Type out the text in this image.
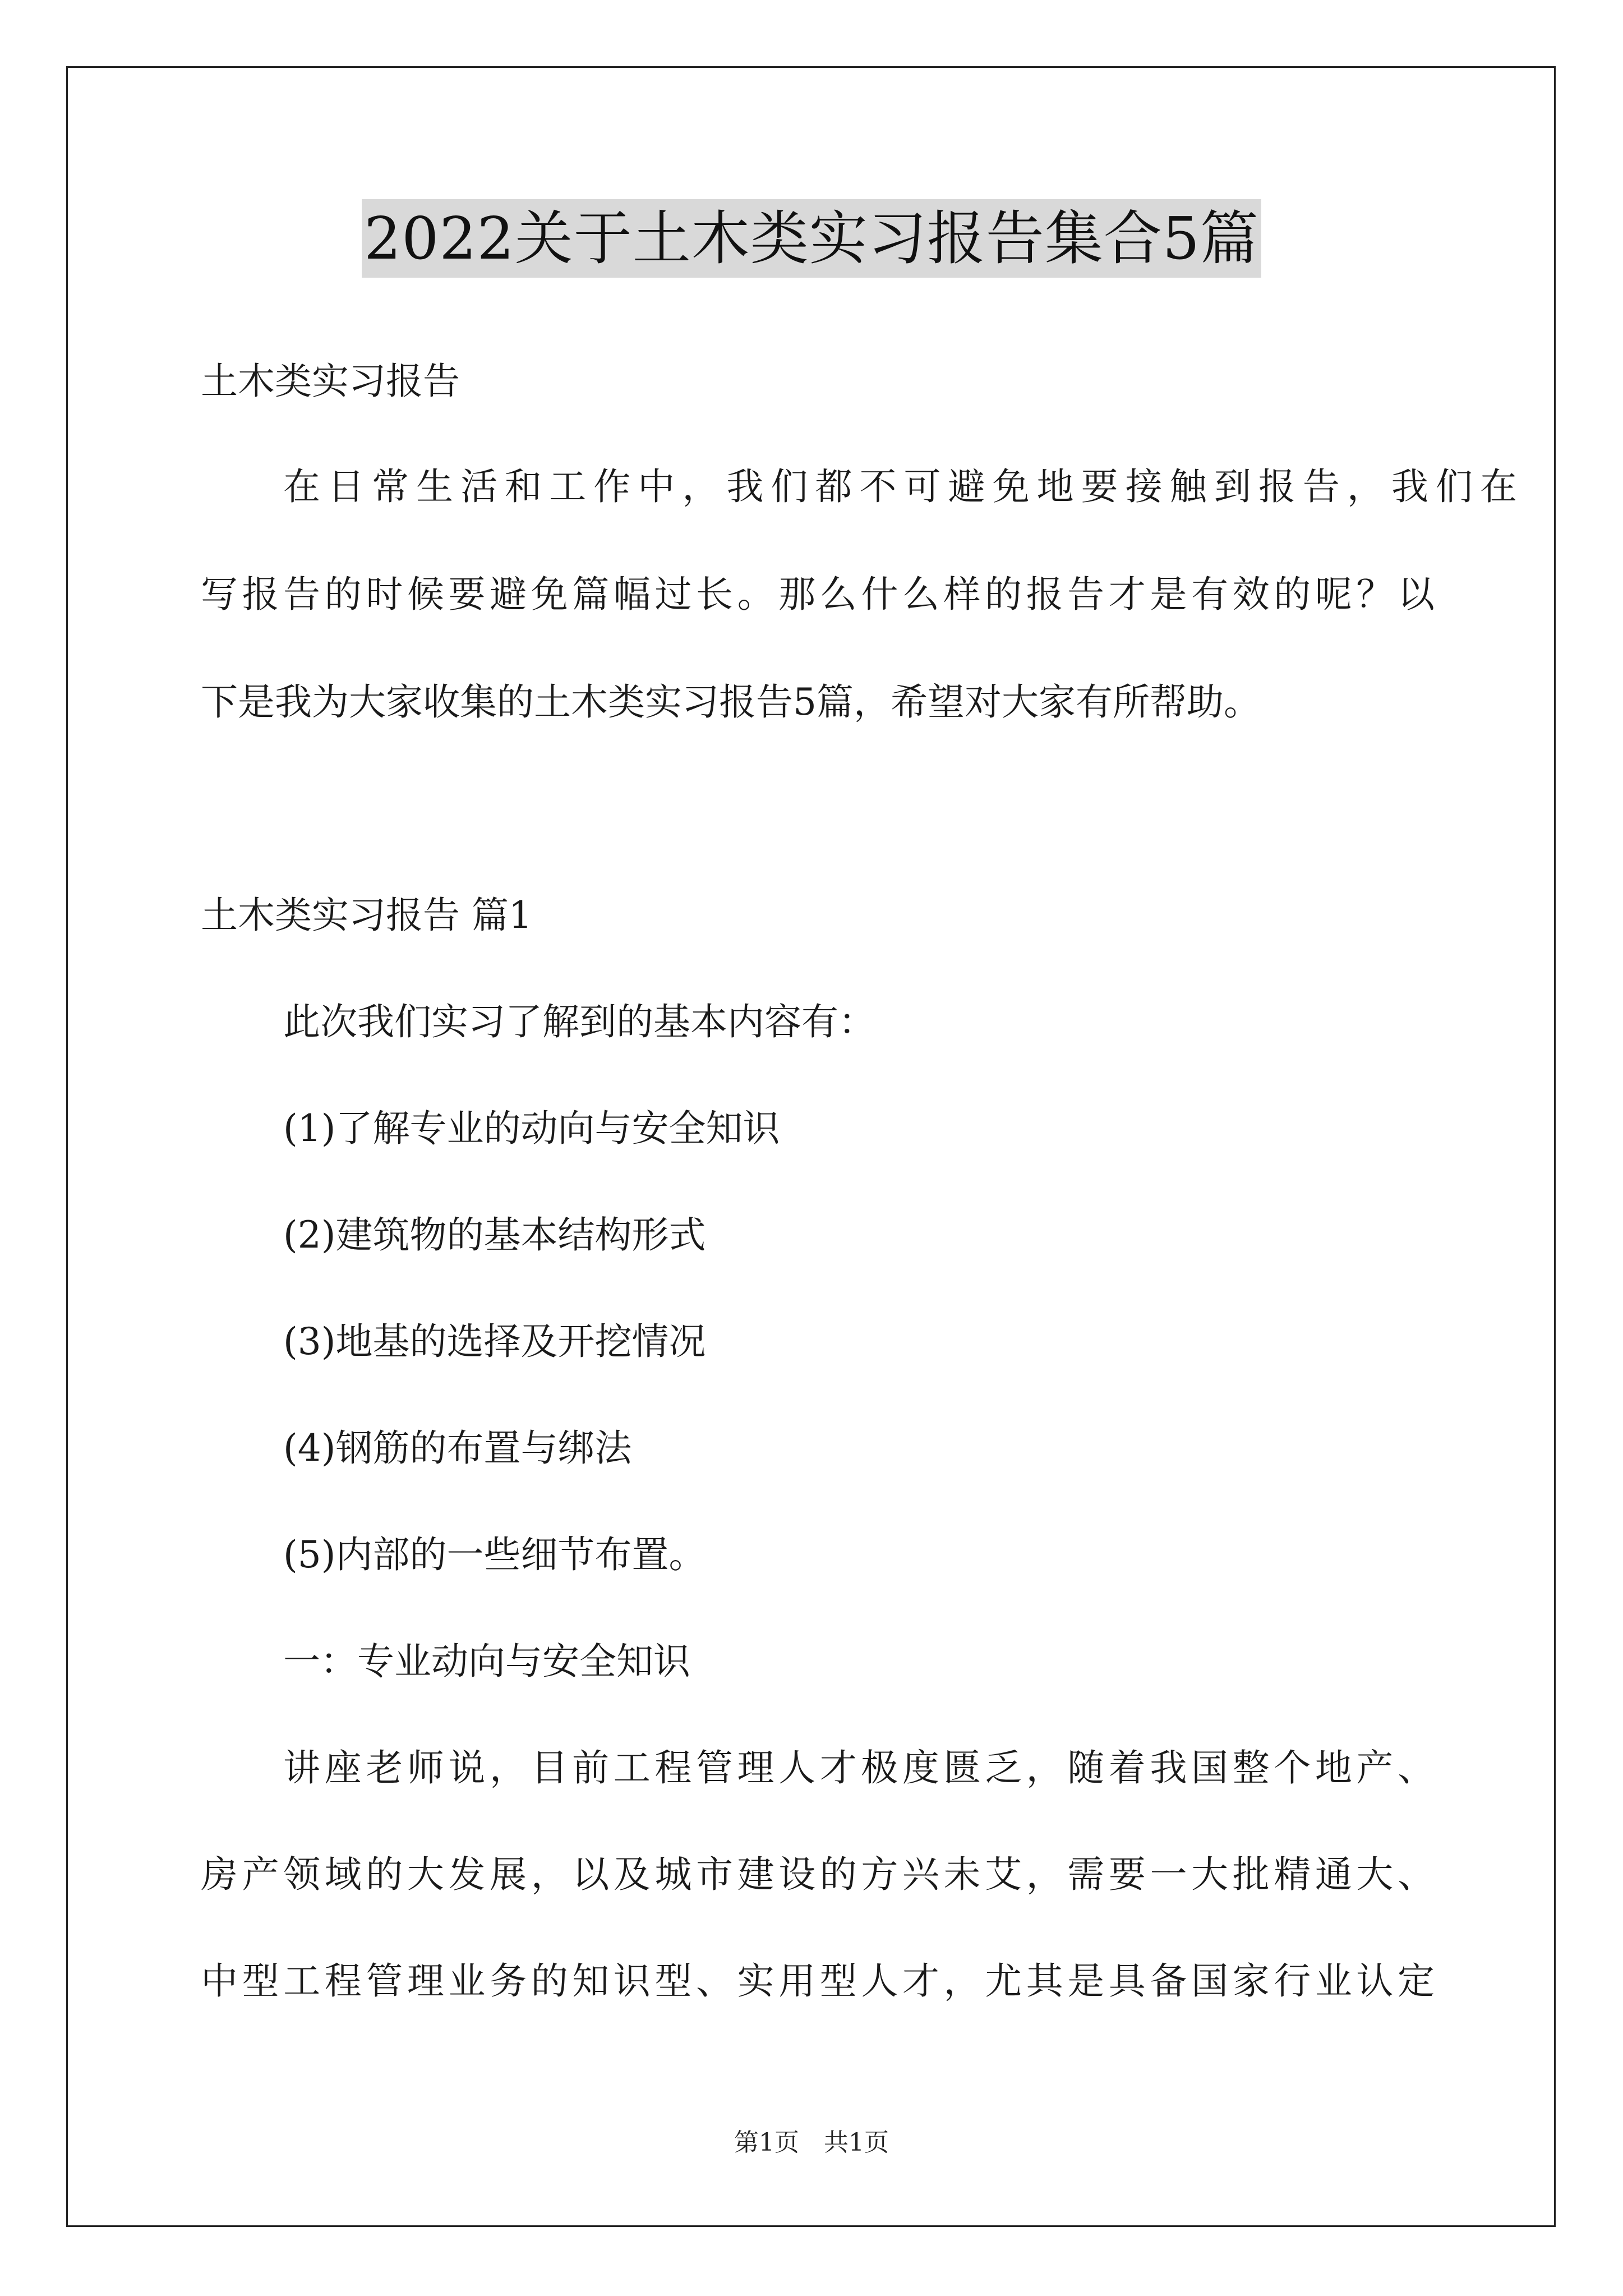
2022关于土木类实习报告集合5篇
土木类实习报告
在日常生活和工作中，我们都不可避免地要接触到报告，我们在
写报告的时候要避免篇幅过长。那么什么样的报告才是有效的呢？以
下是我为大家收集的土木类实习报告5篇，希望对大家有所帮助。
土木类实习报告 篇1
此次我们实习了解到的基本内容有：
(1)了解专业的动向与安全知识
(2)建筑物的基本结构形式
(3)地基的选择及开挖情况
(4)钢筋的布置与绑法
(5)内部的一些细节布置。
一：专业动向与安全知识
讲座老师说，目前工程管理人才极度匮乏，随着我国整个地产、
房产领域的大发展，以及城市建设的方兴未艾，需要一大批精通大、
中型工程管理业务的知识型、实用型人才，尤其是具备国家行业认定
第1页　共1页
